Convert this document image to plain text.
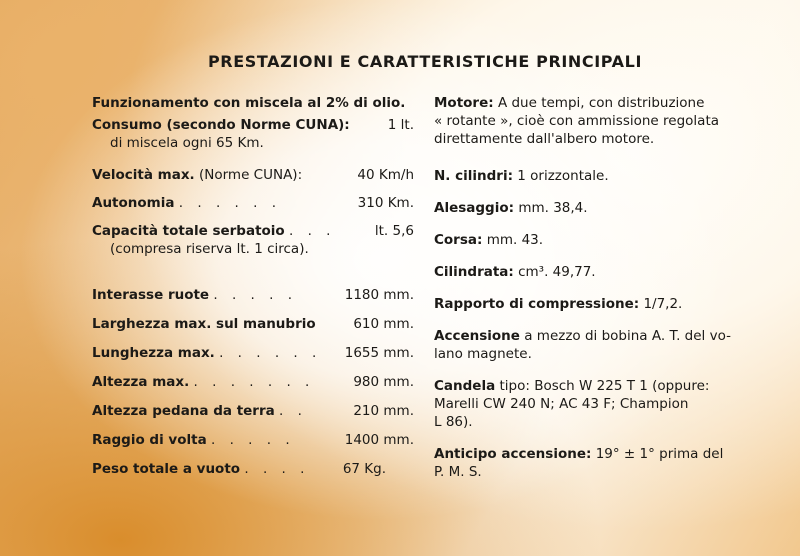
PRESTAZIONI E CARATTERISTICHE PRINCIPALI
Funzionamento con miscela al 2% di olio.
Consumo (secondo Norme CUNA):	1 lt.
di miscela ogni 65 Km.
Velocità max. (Norme CUNA):	40 Km/h
Autonomia . . . . . .	310 Km.
Capacità totale serbatoio . . .	lt. 5,6
(compresa riserva lt. 1 circa).
Interasse ruote . . . . .	1180 mm.
Larghezza max. sul manubrio	610 mm.
Lunghezza max. . . . . . . 1655 mm.
Altezza max. . . . . . . .	980 mm.
Altezza pedana da terra . .	210 mm.
Raggio di volta . . . . .	1400 mm.
Peso totale a vuoto . . . . 67 Kg.
Motore: A due tempi, con distribuzione
« rotante », cioè con ammissione regolata
direttamente dall'albero motore.
N. cilindri: 1 orizzontale.
Alesaggio: mm. 38,4.
Corsa: mm. 43.
Cilindrata: cm³. 49,77.
Rapporto di compressione: 1/7,2.
Accensione a mezzo di bobina A. T. del vo-
lano magnete.
Candela tipo: Bosch W 225 T 1 (oppure:
Marelli CW 240 N; AC 43 F; Champion
L 86).
Anticipo accensione: 19° ± 1° prima del
P. M. S.
